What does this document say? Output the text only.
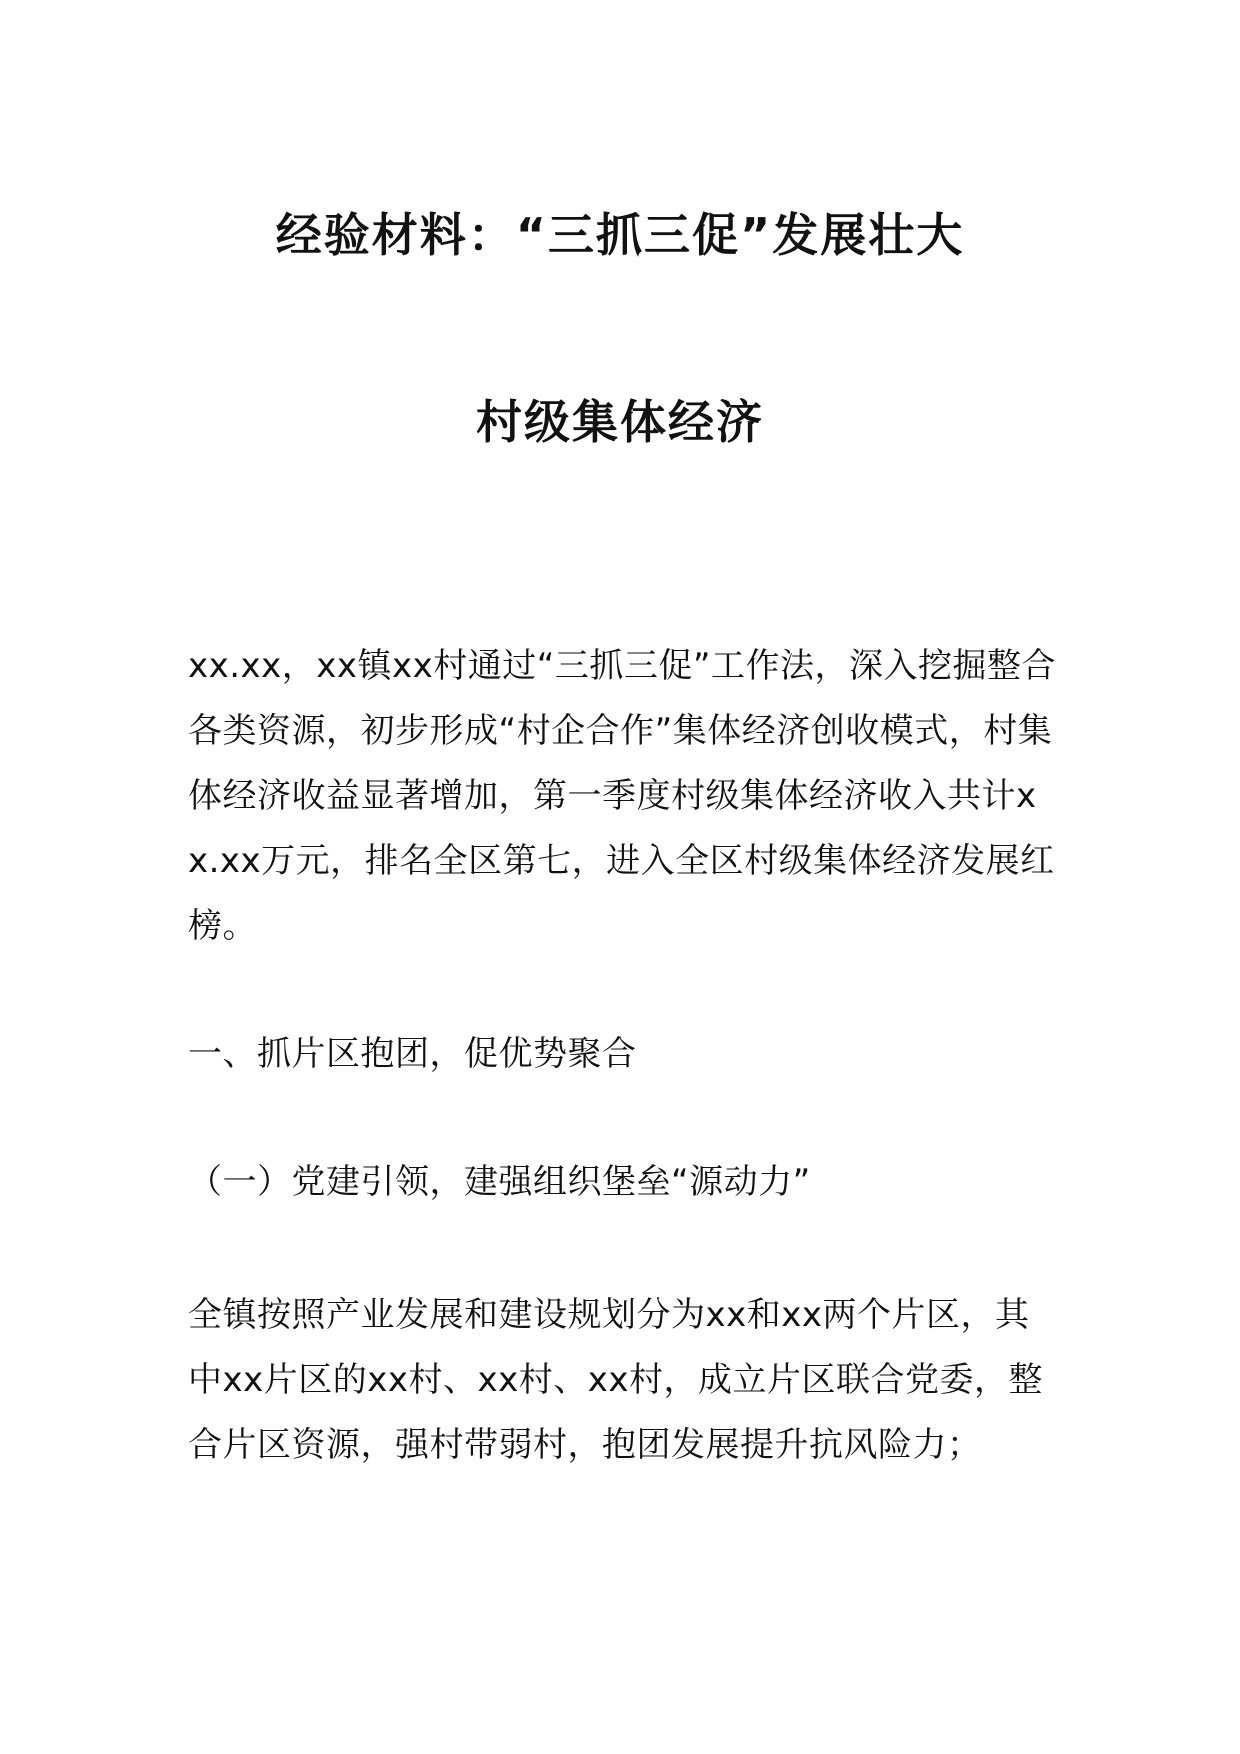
经验材料：“三抓三促”发展壮大
村级集体经济

xx.xx，xx镇xx村通过“三抓三促”工作法，深入挖掘整合各类资源，初步形成“村企合作”集体经济创收模式，村集体经济收益显著增加，第一季度村级集体经济收入共计xx.xx万元，排名全区第七，进入全区村级集体经济发展红榜。

一、抓片区抱团，促优势聚合

（一）党建引领，建强组织堡垒“源动力”

全镇按照产业发展和建设规划分为xx和xx两个片区，其中xx片区的xx村、xx村、xx村，成立片区联合党委，整合片区资源，强村带弱村，抱团发展提升抗风险力；
